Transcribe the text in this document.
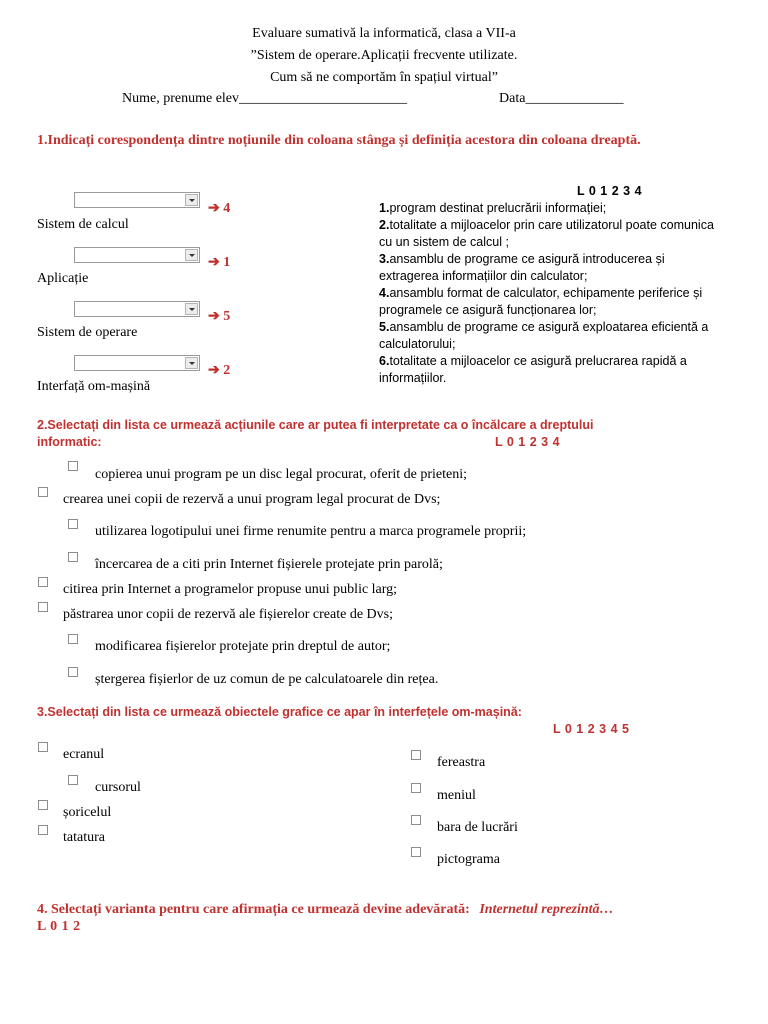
Evaluare sumativă la informatică, clasa a VII-a
”Sistem de operare.Aplicații frecvente utilizate.
Cum să ne comportăm în spațiul virtual”
Nume, prenume elev________________________	Data______________
1.Indicați corespondența dintre noțiunile din coloana stânga și definiția acestora din coloana dreaptă.
L 0 1 2 3 4
➔ 4
Sistem de calcul
➔ 1
Aplicație
➔ 5
Sistem de operare
➔ 2
Interfață om-mașină
1.program destinat prelucrării informației;
2.totalitate a mijloacelor prin care utilizatorul poate comunica cu un sistem de calcul ;
3.ansamblu de programe ce asigură introducerea și extragerea informațiilor din calculator;
4.ansamblu format de calculator, echipamente periferice și programele ce asigură funcționarea lor;
5.ansamblu de programe ce asigură exploatarea eficientă a calculatorului;
6.totalitate a mijloacelor ce asigură prelucrarea rapidă a informațiilor.
2.Selectați din lista ce urmează acțiunile care ar putea fi interpretate ca o încălcare a dreptului
informatic:	L 0 1 2 3 4
copierea unui program pe un disc legal procurat, oferit de prieteni;
crearea unei copii de rezervă a unui program legal procurat de Dvs;
utilizarea logotipului unei firme renumite pentru a marca programele proprii;
încercarea de a citi prin Internet fișierele protejate prin parolă;
citirea prin Internet a programelor propuse unui public larg;
păstrarea unor copii de rezervă ale fișierelor create de Dvs;
modificarea fișierelor protejate prin dreptul de autor;
ștergerea fișierlor de uz comun de pe calculatoarele din rețea.
3.Selectați din lista ce urmează obiectele grafice ce apar în interfețele om-mașină:
L 0 1 2 3 4 5
ecranul
cursorul
șoricelul
tatatura
fereastra
meniul
bara de lucrări
pictograma
4. Selectați varianta pentru care afirmația ce urmează devine adevărată: Internetul reprezintă…
L 0 1 2
